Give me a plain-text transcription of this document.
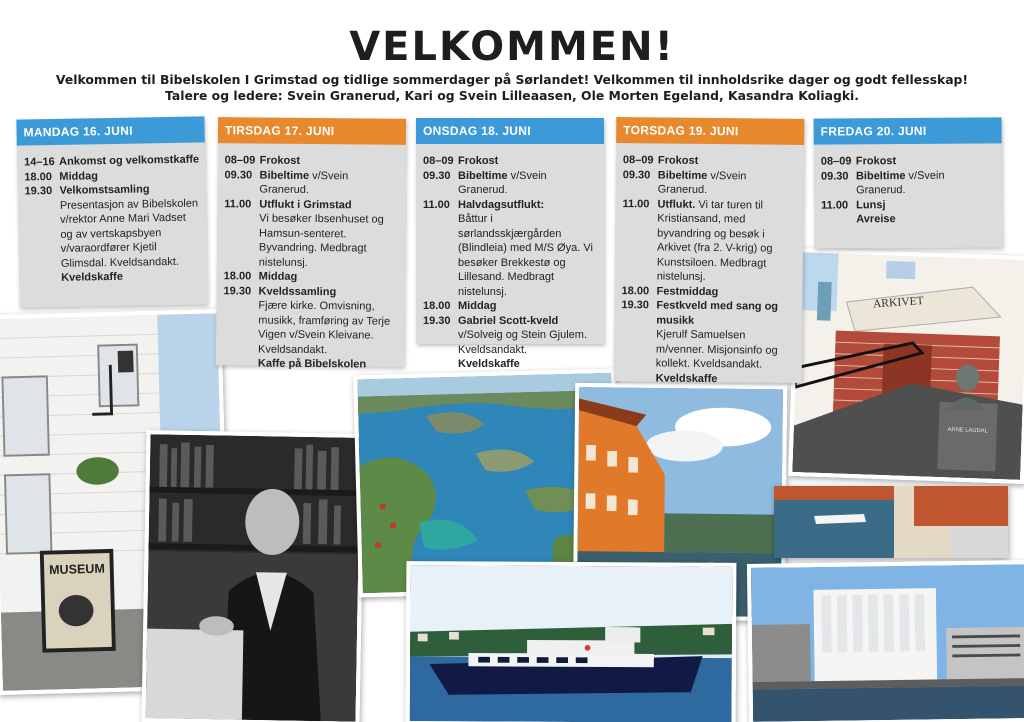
VELKOMMEN!
Velkommen til Bibelskolen I Grimstad og tidlige sommerdager på Sørlandet! Velkommen til innholdsrike dager og godt fellesskap!
Talere og ledere: Svein Granerud, Kari og Svein Lilleaasen, Ole Morten Egeland, Kasandra Koliagki.
MUSEUM
ARKIVET
ARNE LAUDAL
MANDAG 16. JUNI
14–16 Ankomst og velkomstkaffe
18.00 Middag
19.30 Velkomstsamling
Presentasjon av Bibelskolen v/rektor Anne Mari Vadset og av vertskapsbyen v/varaordfører Kjetil Glimsdal. Kveldsandakt.
Kveldskaffe
TIRSDAG 17. JUNI
08–09 Frokost
09.30 Bibeltime v/Svein Granerud.
11.00 Utflukt i Grimstad
Vi besøker Ibsenhuset og Hamsun-senteret. Byvandring. Medbragt nistelunsj.
18.00 Middag
19.30 Kveldssamling
Fjære kirke. Omvisning, musikk, framføring av Terje Vigen v/Svein Kleivane. Kveldsandakt.
Kaffe på Bibelskolen
ONSDAG 18. JUNI
08–09 Frokost
09.30 Bibeltime v/Svein Granerud.
11.00 Halvdagsutflukt:
Båttur i sørlandsskjærgården (Blindleia) med M/S Øya. Vi besøker Brekkestø og Lillesand. Medbragt nistelunsj.
18.00 Middag
19.30 Gabriel Scott-kveld
v/Solveig og Stein Gjulem. Kveldsandakt.
Kveldskaffe
TORSDAG 19. JUNI
08–09 Frokost
09.30 Bibeltime v/Svein Granerud.
11.00 Utflukt. Vi tar turen til Kristiansand, med byvandring og besøk i Arkivet (fra 2. V-krig) og Kunstsiloen. Medbragt nistelunsj.
18.00 Festmiddag
19.30 Festkveld med sang og musikk
Kjerulf Samuelsen m/venner. Misjonsinfo og kollekt. Kveldsandakt.
Kveldskaffe
FREDAG 20. JUNI
08–09 Frokost
09.30 Bibeltime v/Svein Granerud.
11.00 Lunsj
Avreise
